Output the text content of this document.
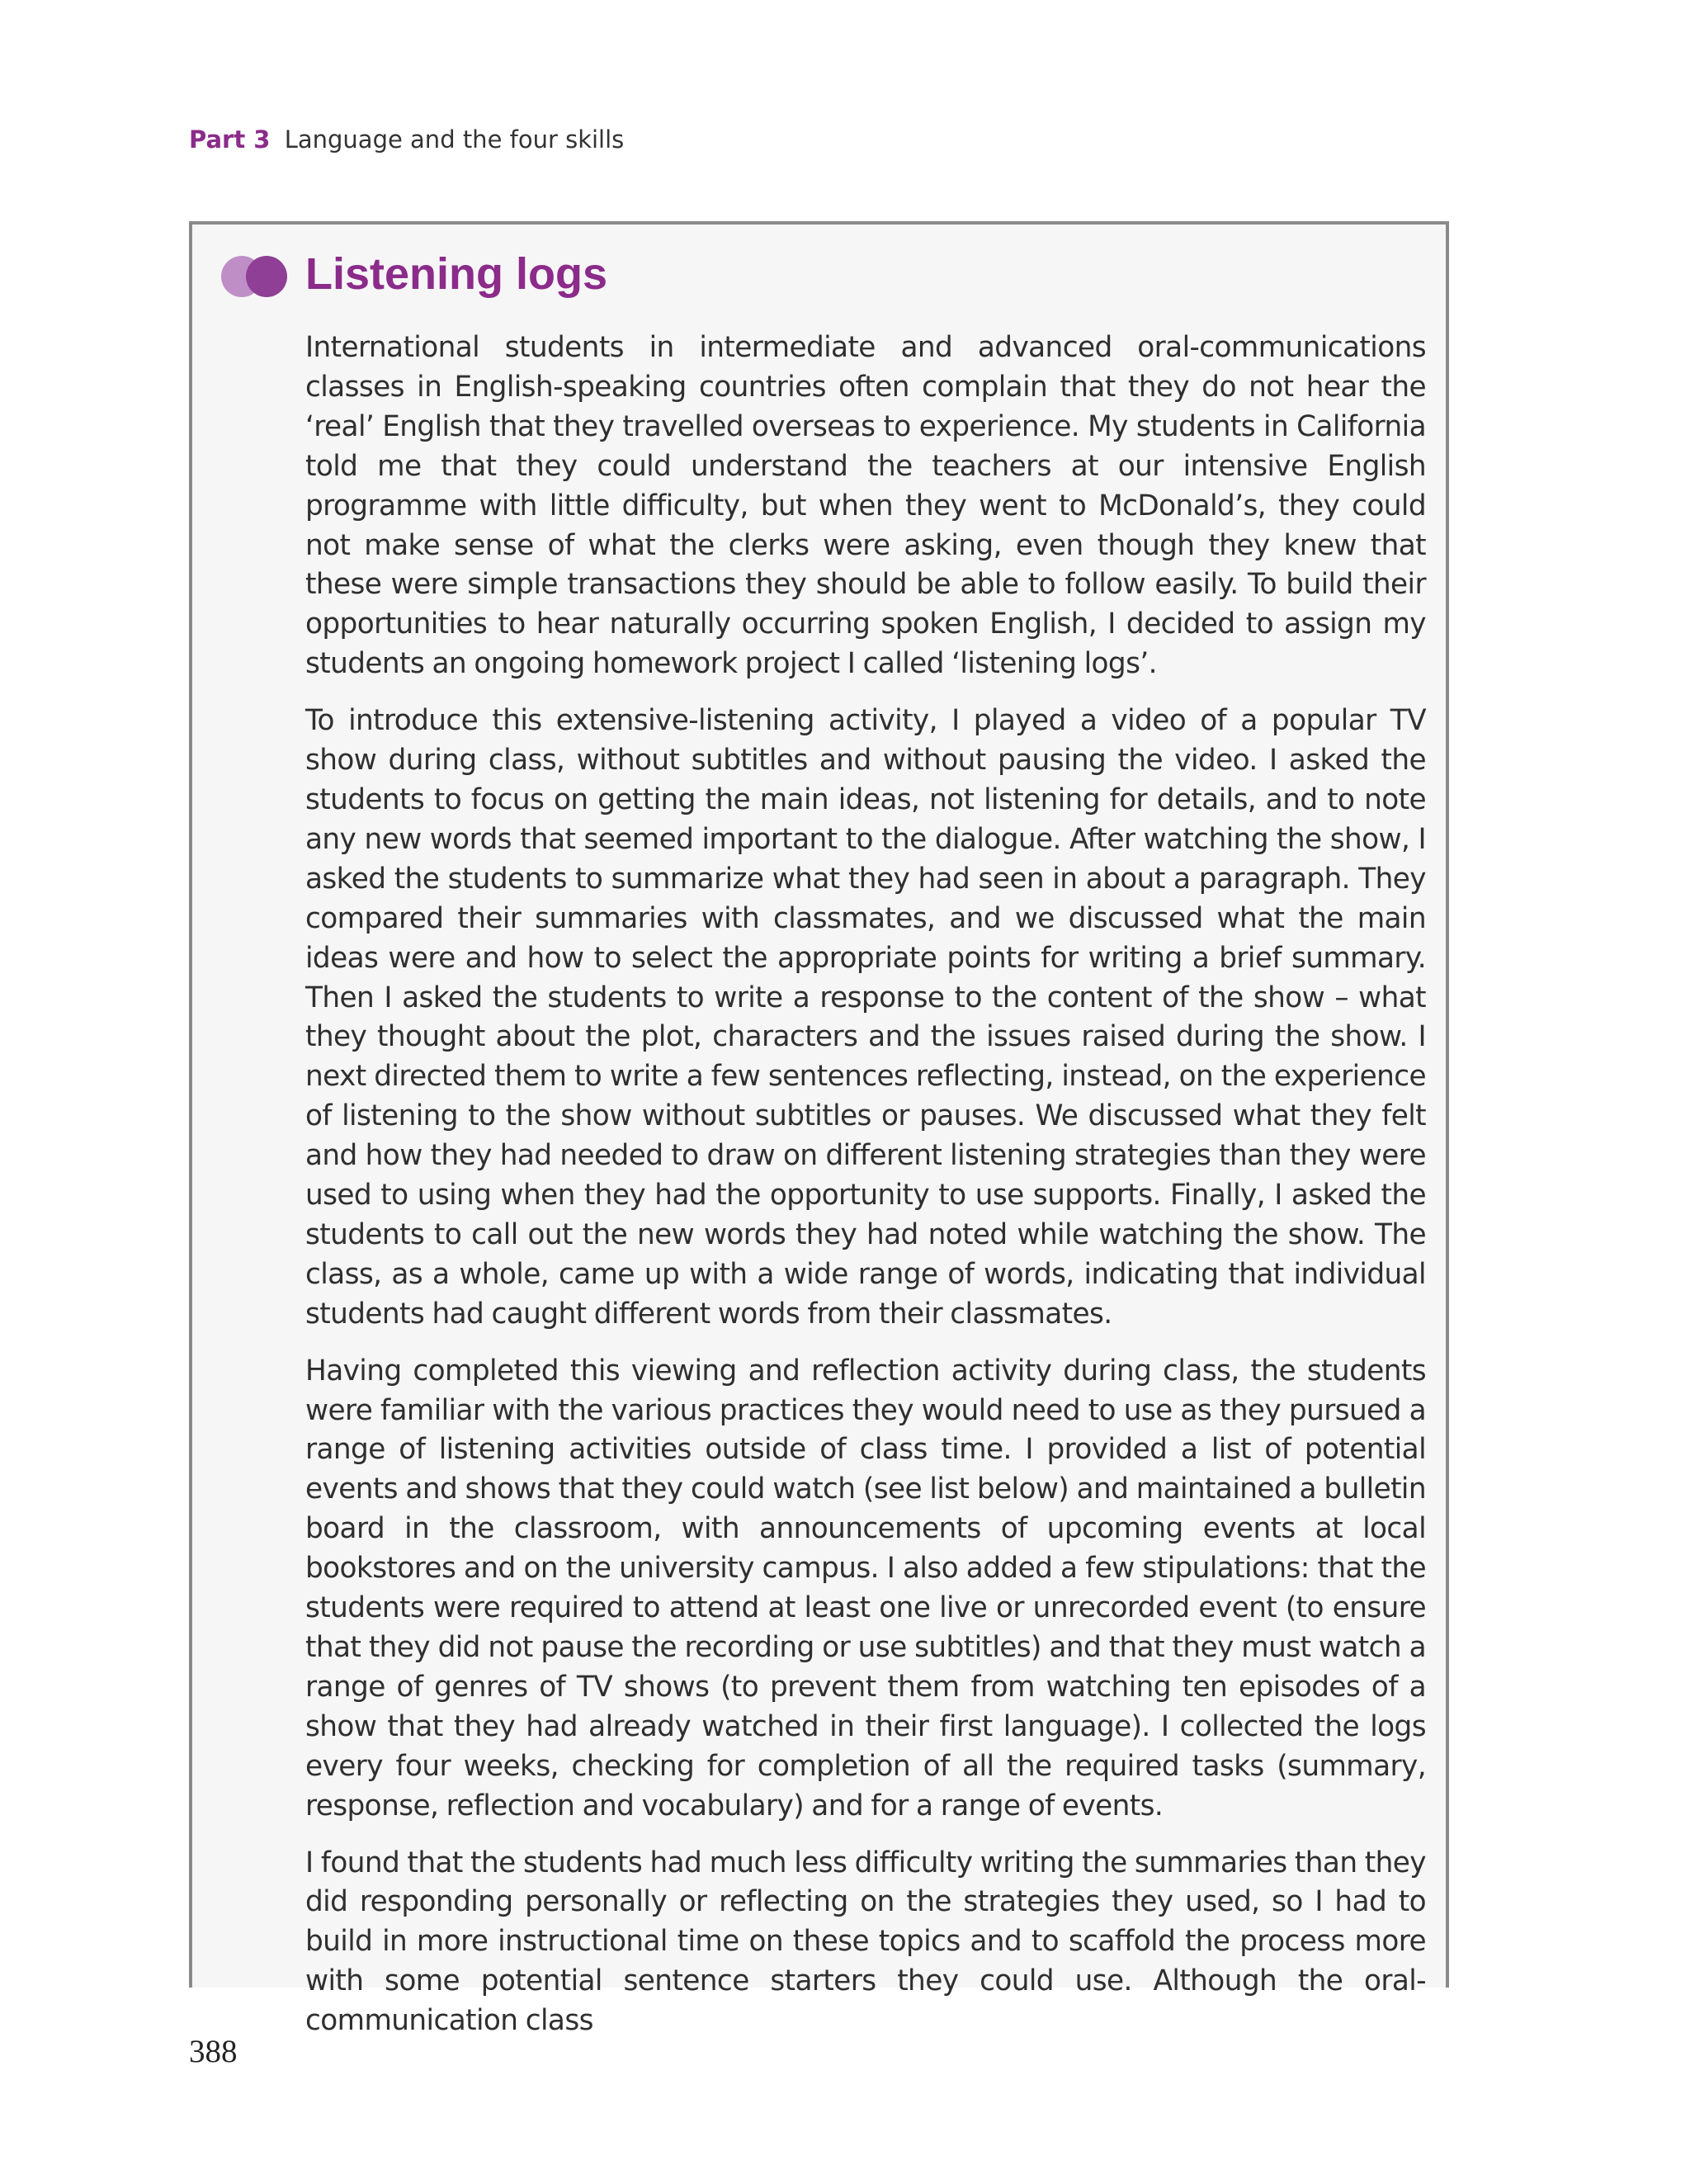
Part 3 Language and the four skills
Listening logs

International students in intermediate and advanced oral-communications classes in English-speaking countries often complain that they do not hear the ‘real’ English that they travelled overseas to experience. My students in California told me that they could understand the teachers at our intensive English programme with little difficulty, but when they went to McDonald’s, they could not make sense of what the clerks were asking, even though they knew that these were simple transactions they should be able to follow easily. To build their opportunities to hear naturally occurring spoken English, I decided to assign my students an ongoing homework project I called ‘listening logs’.

To introduce this extensive-listening activity, I played a video of a popular TV show during class, without subtitles and without pausing the video. I asked the students to focus on getting the main ideas, not listening for details, and to note any new words that seemed important to the dialogue. After watching the show, I asked the students to summarize what they had seen in about a paragraph. They compared their summaries with classmates, and we discussed what the main ideas were and how to select the appropriate points for writing a brief summary. Then I asked the students to write a response to the content of the show – what they thought about the plot, characters and the issues raised during the show. I next directed them to write a few sentences reflecting, instead, on the experience of listening to the show without subtitles or pauses. We discussed what they felt and how they had needed to draw on different listening strategies than they were used to using when they had the opportunity to use supports. Finally, I asked the students to call out the new words they had noted while watching the show. The class, as a whole, came up with a wide range of words, indicating that individual students had caught different words from their classmates.

Having completed this viewing and reflection activity during class, the students were familiar with the various practices they would need to use as they pursued a range of listening activities outside of class time. I provided a list of potential events and shows that they could watch (see list below) and maintained a bulletin board in the classroom, with announcements of upcoming events at local bookstores and on the university campus. I also added a few stipulations: that the students were required to attend at least one live or unrecorded event (to ensure that they did not pause the recording or use subtitles) and that they must watch a range of genres of TV shows (to prevent them from watching ten episodes of a show that they had already watched in their first language). I collected the logs every four weeks, checking for completion of all the required tasks (summary, response, reflection and vocabulary) and for a range of events.

I found that the students had much less difficulty writing the summaries than they did responding personally or reflecting on the strategies they used, so I had to build in more instructional time on these topics and to scaffold the process more with some potential sentence starters they could use. Although the oral-communication class

388
